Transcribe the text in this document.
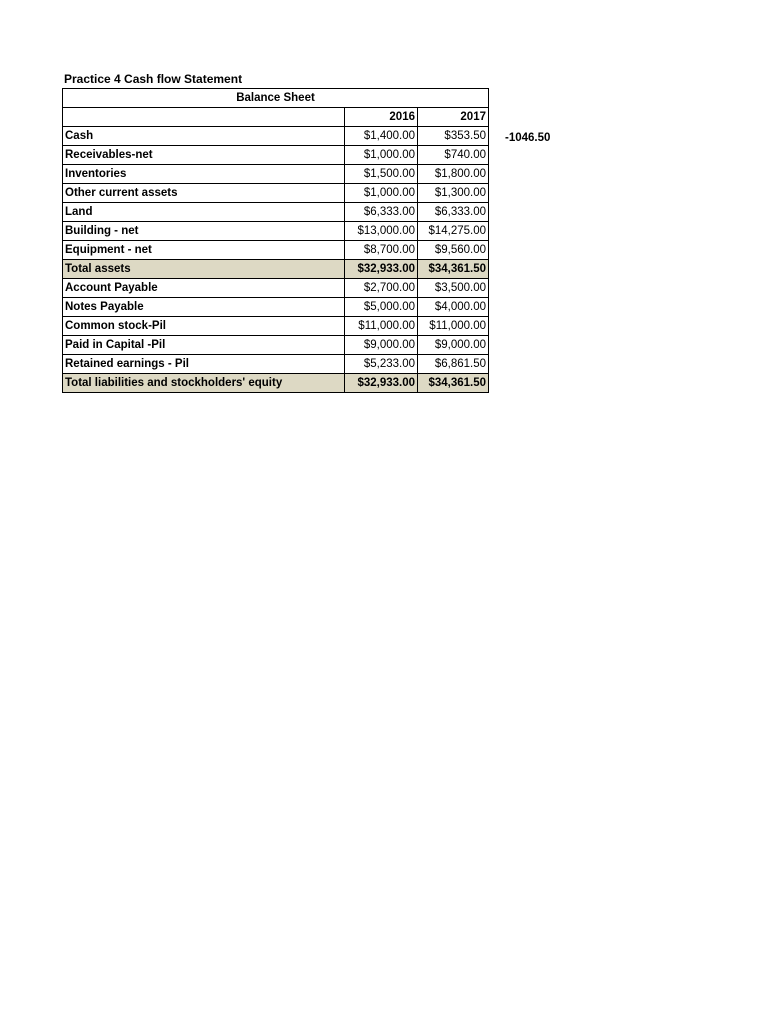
Practice 4 Cash flow Statement
Balance Sheet		
	2016	2017
Cash	$1,400.00	$353.50
Receivables-net	$1,000.00	$740.00
Inventories	$1,500.00	$1,800.00
Other current assets	$1,000.00	$1,300.00
Land	$6,333.00	$6,333.00
Building - net	$13,000.00	$14,275.00
Equipment - net	$8,700.00	$9,560.00
Total assets	$32,933.00	$34,361.50
Account Payable	$2,700.00	$3,500.00
Notes Payable	$5,000.00	$4,000.00
Common stock-Pil	$11,000.00	$11,000.00
Paid in Capital -Pil	$9,000.00	$9,000.00
Retained earnings - Pil	$5,233.00	$6,861.50
Total liabilities and stockholders' equity	$32,933.00	$34,361.50
-1046.50
